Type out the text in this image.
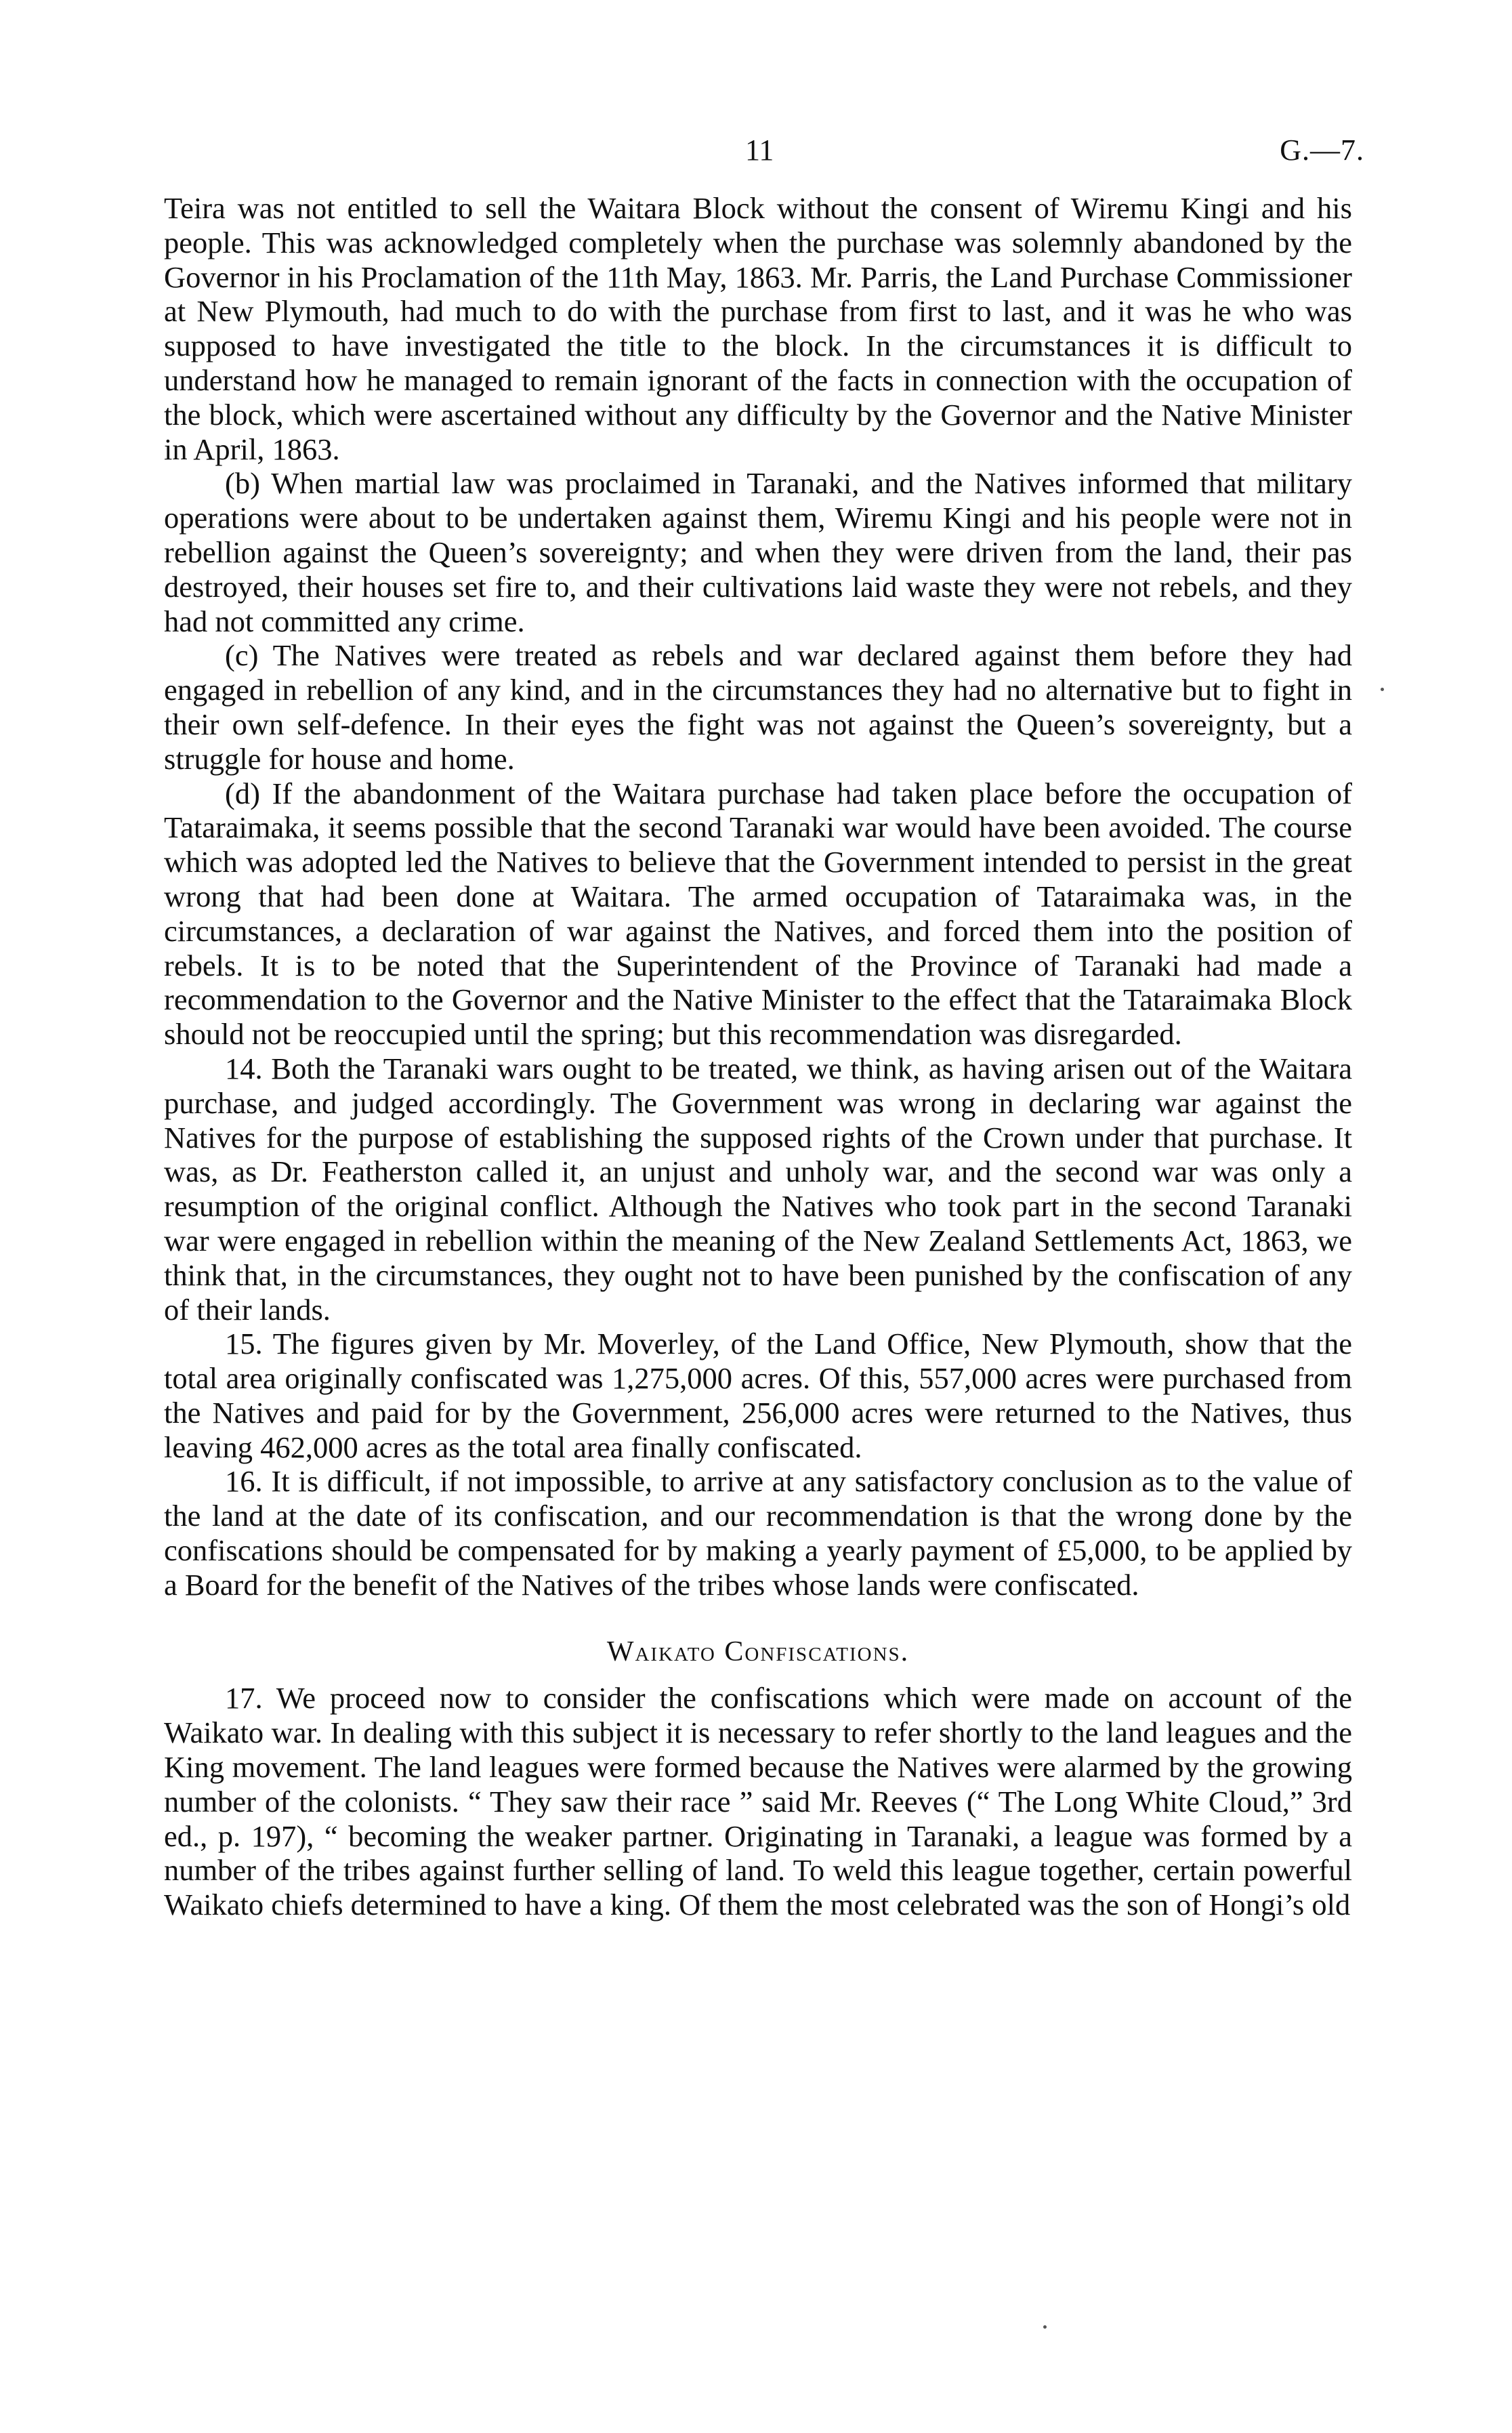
11	G.—7.

Teira was not entitled to sell the Waitara Block without the consent of Wiremu Kingi and his people. This was acknowledged completely when the purchase was solemnly abandoned by the Governor in his Proclamation of the 11th May, 1863. Mr. Parris, the Land Purchase Commissioner at New Plymouth, had much to do with the purchase from first to last, and it was he who was supposed to have investigated the title to the block. In the circumstances it is difficult to understand how he managed to remain ignorant of the facts in connection with the occupation of the block, which were ascertained without any difficulty by the Governor and the Native Minister in April, 1863.

(b) When martial law was proclaimed in Taranaki, and the Natives informed that military operations were about to be undertaken against them, Wiremu Kingi and his people were not in rebellion against the Queen’s sovereignty; and when they were driven from the land, their pas destroyed, their houses set fire to, and their cultivations laid waste they were not rebels, and they had not committed any crime.

(c) The Natives were treated as rebels and war declared against them before they had engaged in rebellion of any kind, and in the circumstances they had no alternative but to fight in their own self-defence. In their eyes the fight was not against the Queen’s sovereignty, but a struggle for house and home.

(d) If the abandonment of the Waitara purchase had taken place before the occupation of Tataraimaka, it seems possible that the second Taranaki war would have been avoided. The course which was adopted led the Natives to believe that the Government intended to persist in the great wrong that had been done at Waitara. The armed occupation of Tataraimaka was, in the circumstances, a declaration of war against the Natives, and forced them into the position of rebels. It is to be noted that the Superintendent of the Province of Taranaki had made a recommendation to the Governor and the Native Minister to the effect that the Tataraimaka Block should not be reoccupied until the spring; but this recommendation was disregarded.

14. Both the Taranaki wars ought to be treated, we think, as having arisen out of the Waitara purchase, and judged accordingly. The Government was wrong in declaring war against the Natives for the purpose of establishing the supposed rights of the Crown under that purchase. It was, as Dr. Featherston called it, an unjust and unholy war, and the second war was only a resumption of the original conflict. Although the Natives who took part in the second Taranaki war were engaged in rebellion within the meaning of the New Zealand Settlements Act, 1863, we think that, in the circumstances, they ought not to have been punished by the confiscation of any of their lands.

15. The figures given by Mr. Moverley, of the Land Office, New Plymouth, show that the total area originally confiscated was 1,275,000 acres. Of this, 557,000 acres were purchased from the Natives and paid for by the Government, 256,000 acres were returned to the Natives, thus leaving 462,000 acres as the total area finally confiscated.

16. It is difficult, if not impossible, to arrive at any satisfactory conclusion as to the value of the land at the date of its confiscation, and our recommendation is that the wrong done by the confiscations should be compensated for by making a yearly payment of £5,000, to be applied by a Board for the benefit of the Natives of the tribes whose lands were confiscated.

Waikato Confiscations.

17. We proceed now to consider the confiscations which were made on account of the Waikato war. In dealing with this subject it is necessary to refer shortly to the land leagues and the King movement. The land leagues were formed because the Natives were alarmed by the growing number of the colonists. “ They saw their race ” said Mr. Reeves (“ The Long White Cloud,” 3rd ed., p. 197), “ becoming the weaker partner. Originating in Taranaki, a league was formed by a number of the tribes against further selling of land. To weld this league together, certain powerful Waikato chiefs determined to have a king. Of them the most celebrated was the son of Hongi’s old
